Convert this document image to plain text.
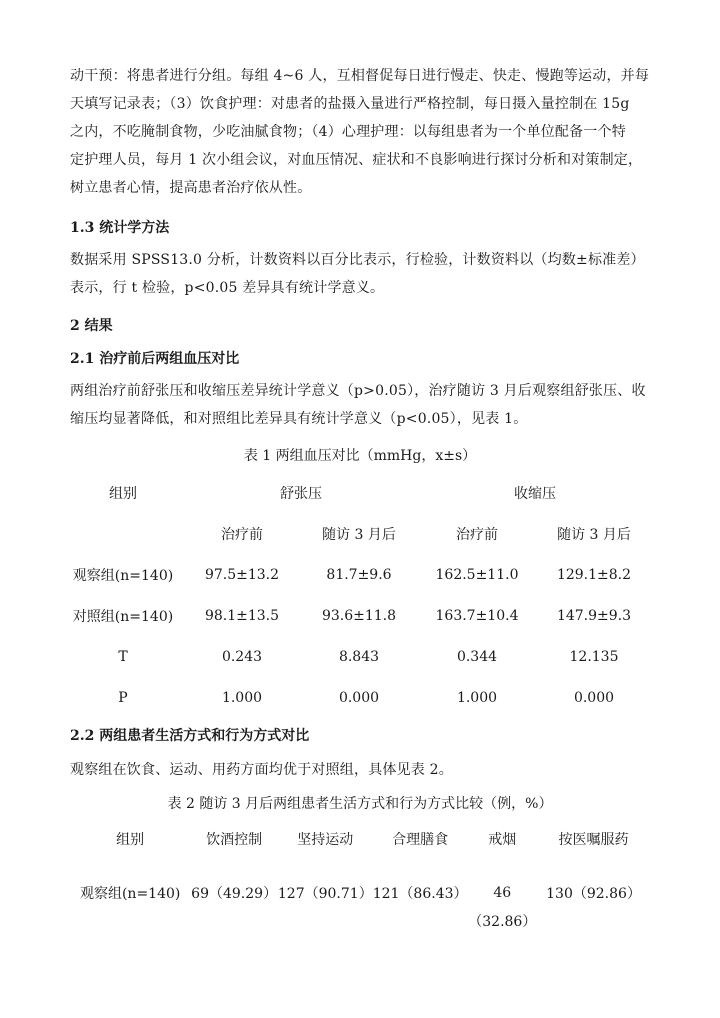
动干预：将患者进行分组。每组 4~6 人，互相督促每日进行慢走、快走、慢跑等运动，并每
天填写记录表；（3）饮食护理：对患者的盐摄入量进行严格控制，每日摄入量控制在 15g
之内，不吃腌制食物，少吃油腻食物；（4）心理护理：以每组患者为一个单位配备一个特
定护理人员，每月 1 次小组会议，对血压情况、症状和不良影响进行探讨分析和对策制定，
树立患者心情，提高患者治疗依从性。
1.3 统计学方法
数据采用 SPSS13.0 分析，计数资料以百分比表示，行检验，计数资料以（均数±标准差）
表示，行 t 检验，p<0.05 差异具有统计学意义。
2 结果
2.1 治疗前后两组血压对比
两组治疗前舒张压和收缩压差异统计学意义（p>0.05），治疗随访 3 月后观察组舒张压、收
缩压均显著降低，和对照组比差异具有统计学意义（p<0.05），见表 1。
表 1 两组血压对比（mmHg，x±s）
组别	舒张压		收缩压	
	治疗前	随访 3 月后	治疗前	随访 3 月后
观察组(n=140)	97.5±13.2	81.7±9.6	162.5±11.0	129.1±8.2
对照组(n=140)	98.1±13.5	93.6±11.8	163.7±10.4	147.9±9.3
T	0.243	8.843	0.344	12.135
P	1.000	0.000	1.000	0.000
2.2 两组患者生活方式和行为方式对比
观察组在饮食、运动、用药方面均优于对照组，具体见表 2。
表 2 随访 3 月后两组患者生活方式和行为方式比较（例，%）
组别	饮酒控制	坚持运动	合理膳食	戒烟	按医嘱服药

观察组(n=140)	69（49.29）	127（90.71）	121（86.43）	46	130（92.86）
				（32.86）	
